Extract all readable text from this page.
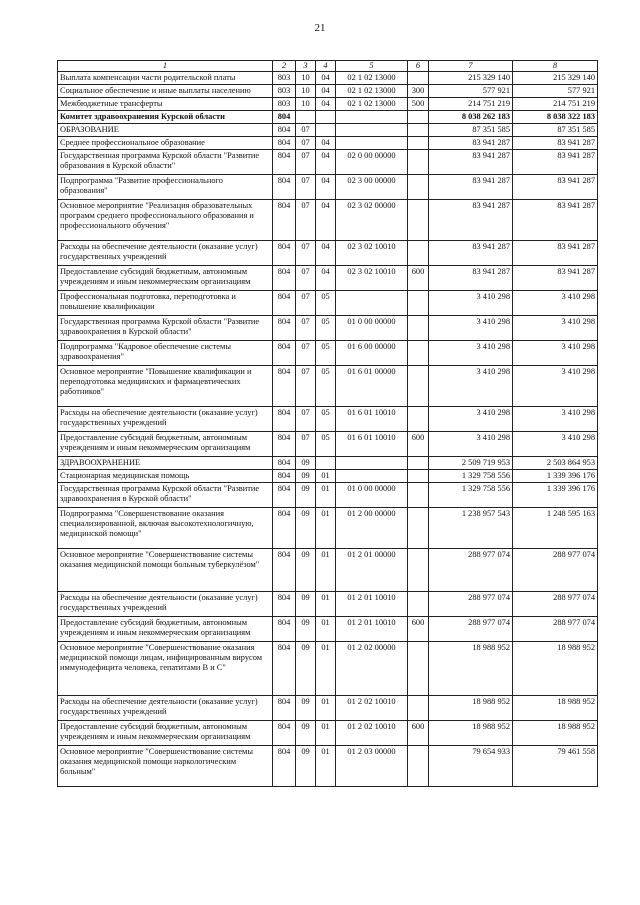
21
1	2	3	4	5	6	7	8
Выплата компенсации части родительской платы	803	10	04	02 1 02 13000		215 329 140	215 329 140
Социальное обеспечение и иные выплаты населению	803	10	04	02 1 02 13000	300	577 921	577 921
Межбюджетные трансферты	803	10	04	02 1 02 13000	500	214 751 219	214 751 219
Комитет здравоохранения Курской области	804					8 038 262 183	8 038 322 183
ОБРАЗОВАНИЕ	804	07				87 351 585	87 351 585
Среднее профессиональное образование	804	07	04			83 941 287	83 941 287
Государственная программа Курской области "Развитие образования в Курской области"	804	07	04	02 0 00 00000		83 941 287	83 941 287
Подпрограмма "Развитие профессионального образования"	804	07	04	02 3 00 00000		83 941 287	83 941 287
Основное мероприятие "Реализация образовательных программ среднего профессионального образования и профессионального обучения"	804	07	04	02 3 02 00000		83 941 287	83 941 287
Расходы на обеспечение деятельности (оказание услуг) государственных учреждений	804	07	04	02 3 02 10010		83 941 287	83 941 287
Предоставление субсидий бюджетным, автономным учреждениям и иным некоммерческим организациям	804	07	04	02 3 02 10010	600	83 941 287	83 941 287
Профессиональная подготовка, переподготовка и повышение квалификации	804	07	05			3 410 298	3 410 298
Государственная программа Курской области "Развитие здравоохранения в Курской области"	804	07	05	01 0 00 00000		3 410 298	3 410 298
Подпрограмма "Кадровое обеспечение системы здравоохранения"	804	07	05	01 6 00 00000		3 410 298	3 410 298
Основное мероприятие "Повышение квалификации и переподготовка медицинских и фармацевтических работников"	804	07	05	01 6 01 00000		3 410 298	3 410 298
Расходы на обеспечение деятельности (оказание услуг) государственных учреждений	804	07	05	01 6 01 10010		3 410 298	3 410 298
Предоставление субсидий бюджетным, автономным учреждениям и иным некоммерческим организациям	804	07	05	01 6 01 10010	600	3 410 298	3 410 298
ЗДРАВООХРАНЕНИЕ	804	09				2 509 719 953	2 503 864 953
Стационарная медицинская помощь	804	09	01			1 329 758 556	1 339 396 176
Государственная программа Курской области "Развитие здравоохранения в Курской области"	804	09	01	01 0 00 00000		1 329 758 556	1 339 396 176
Подпрограмма "Совершенствование оказания специализированной, включая высокотехнологичную, медицинской помощи"	804	09	01	01 2 00 00000		1 238 957 543	1 248 595 163
Основное мероприятие "Совершенствование системы оказания медицинской помощи больным туберкулёзом"	804	09	01	01 2 01 00000		288 977 074	288 977 074
Расходы на обеспечение деятельности (оказание услуг) государственных учреждений	804	09	01	01 2 01 10010		288 977 074	288 977 074
Предоставление субсидий бюджетным, автономным учреждениям и иным некоммерческим организациям	804	09	01	01 2 01 10010	600	288 977 074	288 977 074
Основное мероприятие "Совершенствование оказания медицинской помощи лицам, инфицированным вирусом иммунодефицита человека, гепатитами В и С"	804	09	01	01 2 02 00000		18 988 952	18 988 952
Расходы на обеспечение деятельности (оказание услуг) государственных учреждений	804	09	01	01 2 02 10010		18 988 952	18 988 952
Предоставление субсидий бюджетным, автономным учреждениям и иным некоммерческим организациям	804	09	01	01 2 02 10010	600	18 988 952	18 988 952
Основное мероприятие "Совершенствование системы оказания медицинской помощи наркологическим больным"	804	09	01	01 2 03 00000		79 654 933	79 461 558
